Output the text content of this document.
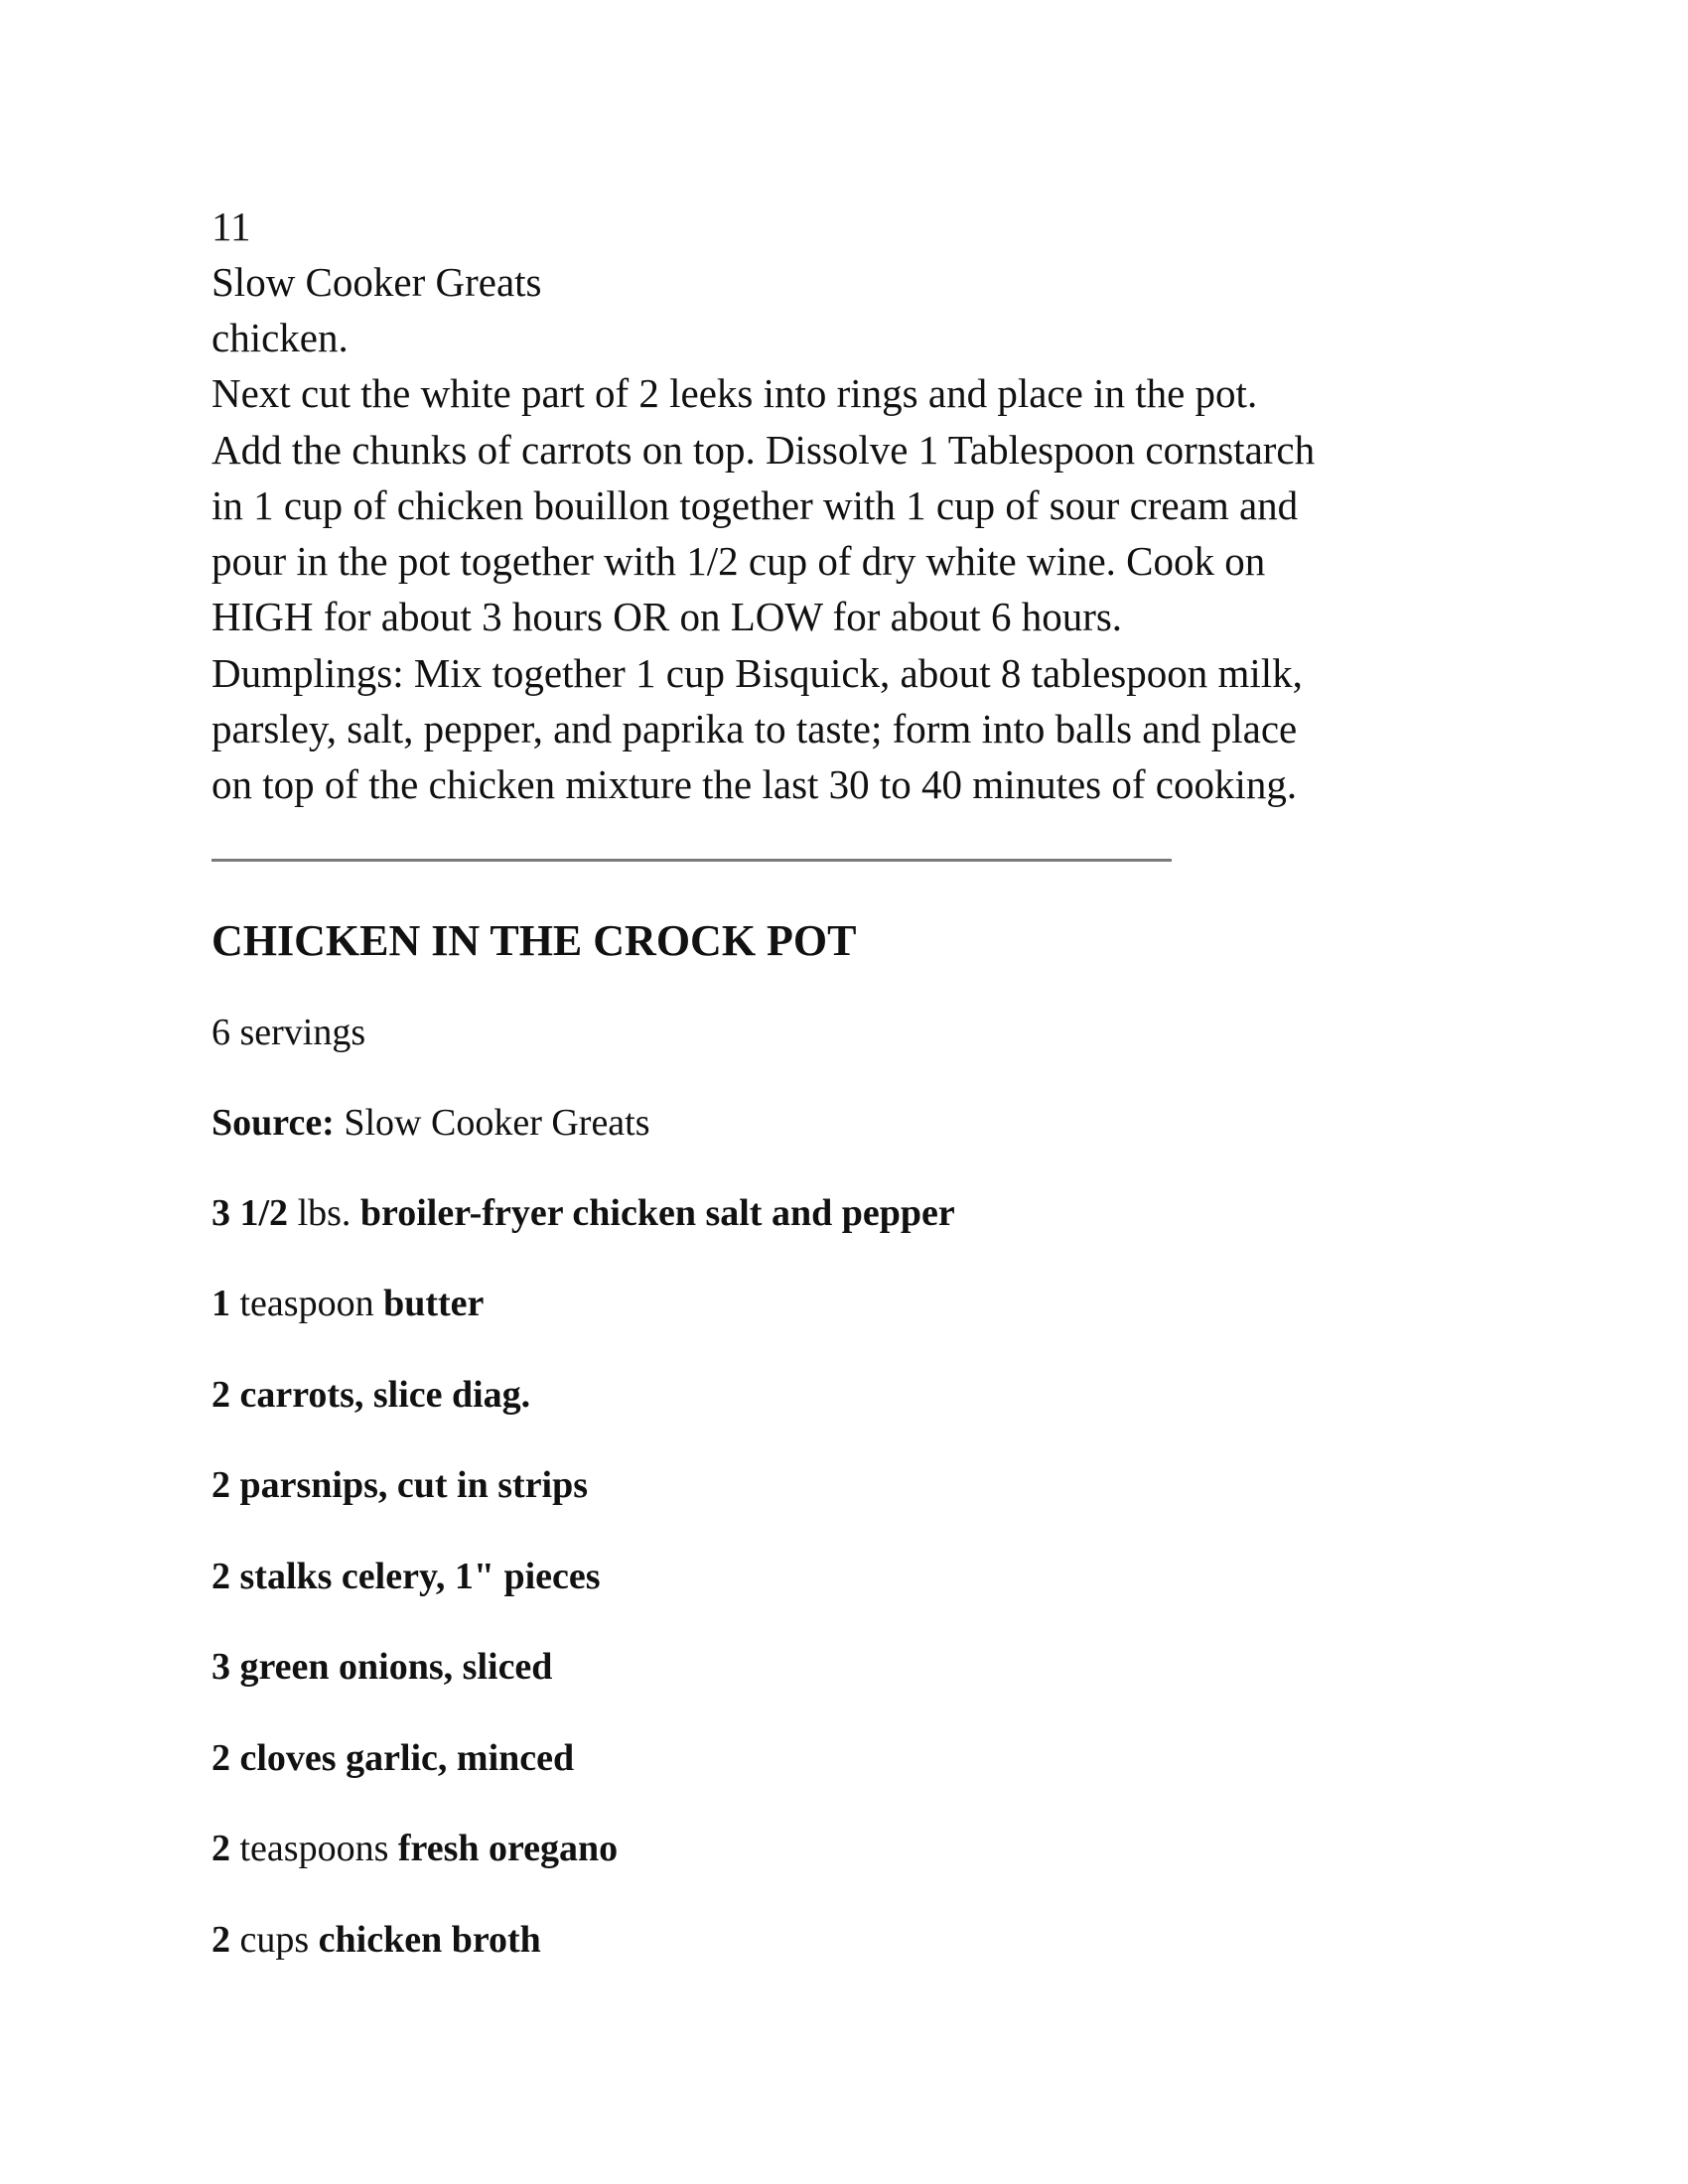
11

Slow Cooker Greats

chicken.

Next cut the white part of 2 leeks into rings and place in the pot.

Add the chunks of carrots on top. Dissolve 1 Tablespoon cornstarch

in 1 cup of chicken bouillon together with 1 cup of sour cream and

pour in the pot together with 1/2 cup of dry white wine. Cook on

HIGH for about 3 hours OR on LOW for about 6 hours.

Dumplings: Mix together 1 cup Bisquick, about 8 tablespoon milk,

parsley, salt, pepper, and paprika to taste; form into balls and place

on top of the chicken mixture the last 30 to 40 minutes of cooking.

CHICKEN IN THE CROCK POT
6 servings
Source: Slow Cooker Greats
3 1/2 lbs. broiler-fryer chicken salt and pepper
1 teaspoon butter
2 carrots, slice diag.
2 parsnips, cut in strips
2 stalks celery, 1" pieces
3 green onions, sliced
2 cloves garlic, minced
2 teaspoons fresh oregano
2 cups chicken broth
